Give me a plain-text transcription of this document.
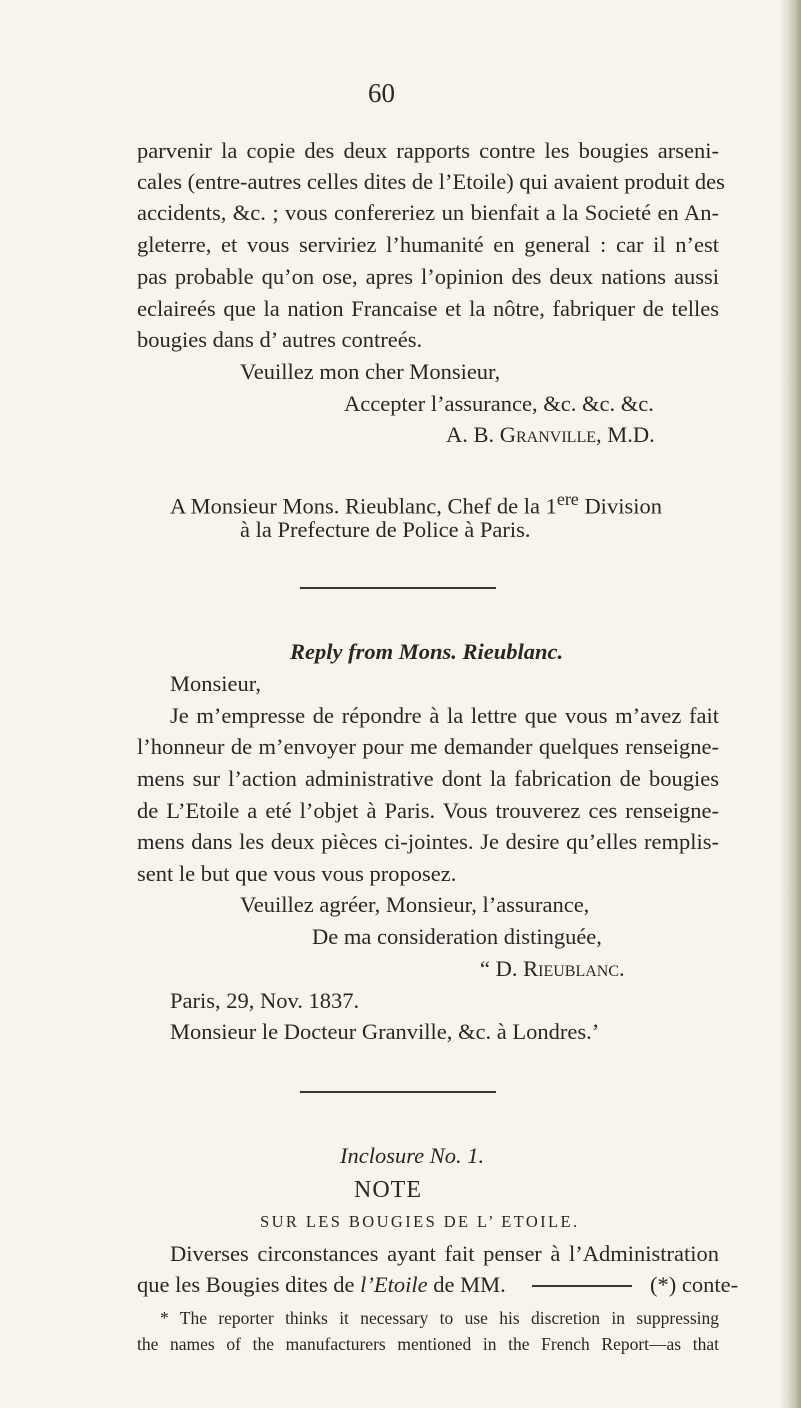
60
parvenir la copie des deux rapports contre les bougies arseni-
cales (entre-autres celles dites de l’Etoile) qui avaient produit des
accidents, &c. ; vous confereriez un bienfait a la Societé en An-
gleterre, et vous serviriez l’humanité en general : car il n’est
pas probable qu’on ose, apres l’opinion des deux nations aussi
eclaireés que la nation Francaise et la nôtre, fabriquer de telles
bougies dans d’ autres contreés.
Veuillez mon cher Monsieur,
Accepter l’assurance, &c. &c. &c.
A. B. Granville, M.D.
A Monsieur Mons. Rieublanc, Chef de la 1ere Division
à la Prefecture de Police à Paris.
Reply from Mons. Rieublanc.
Monsieur,
Je m’empresse de répondre à la lettre que vous m’avez fait
l’honneur de m’envoyer pour me demander quelques renseigne-
mens sur l’action administrative dont la fabrication de bougies
de L’Etoile a eté l’objet à Paris. Vous trouverez ces renseigne-
mens dans les deux pièces ci-jointes. Je desire qu’elles remplis-
sent le but que vous vous proposez.
Veuillez agréer, Monsieur, l’assurance,
De ma consideration distinguée,
“ D. Rieublanc.
Paris, 29, Nov. 1837.
Monsieur le Docteur Granville, &c. à Londres.’
Inclosure No. 1.
NOTE
SUR LES BOUGIES DE L’ ETOILE.
Diverses circonstances ayant fait penser à l’Administration
que les Bougies dites de l’Etoile de MM.	(*) conte-
* The reporter thinks it necessary to use his discretion in suppressing
the names of the manufacturers mentioned in the French Report—as that
